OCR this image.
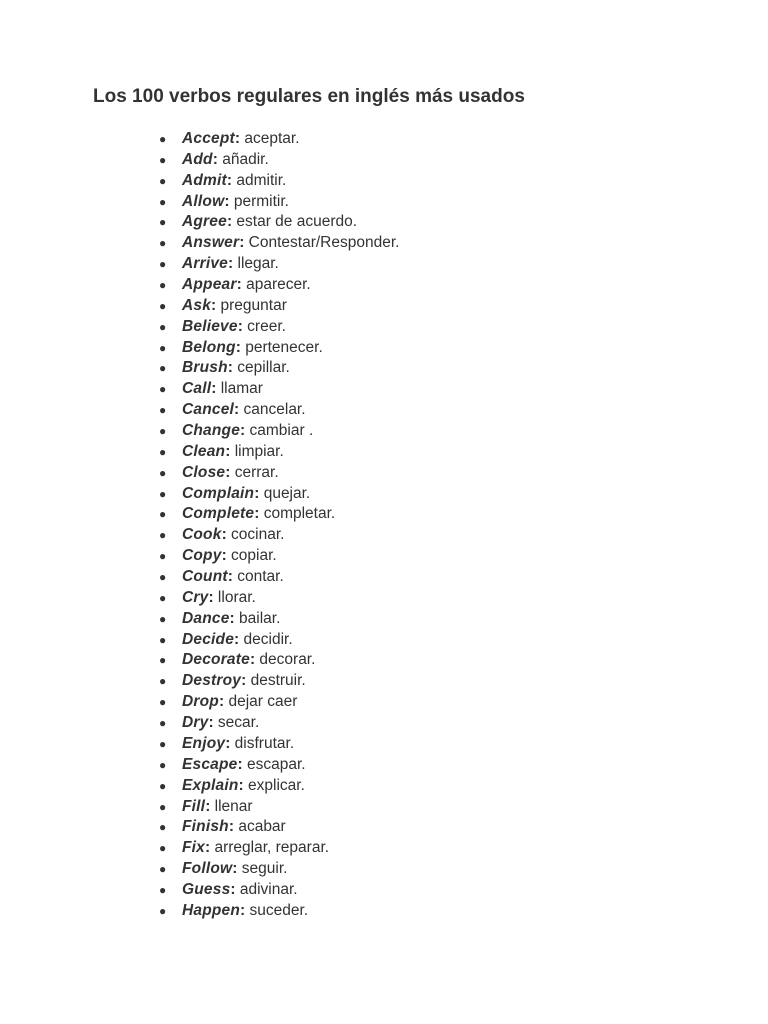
Los 100 verbos regulares en inglés más usados
● Accept: aceptar.
● Add: añadir.
● Admit: admitir.
● Allow: permitir.
● Agree: estar de acuerdo.
● Answer: Contestar/Responder.
● Arrive: llegar.
● Appear: aparecer.
● Ask: preguntar
● Believe: creer.
● Belong: pertenecer.
● Brush: cepillar.
● Call: llamar
● Cancel: cancelar.
● Change: cambiar .
● Clean: limpiar.
● Close: cerrar.
● Complain: quejar.
● Complete: completar.
● Cook: cocinar.
● Copy: copiar.
● Count: contar.
● Cry: llorar.
● Dance: bailar.
● Decide: decidir.
● Decorate: decorar.
● Destroy: destruir.
● Drop: dejar caer
● Dry: secar.
● Enjoy: disfrutar.
● Escape: escapar.
● Explain: explicar.
● Fill: llenar
● Finish: acabar
● Fix: arreglar, reparar.
● Follow: seguir.
● Guess: adivinar.
● Happen: suceder.
